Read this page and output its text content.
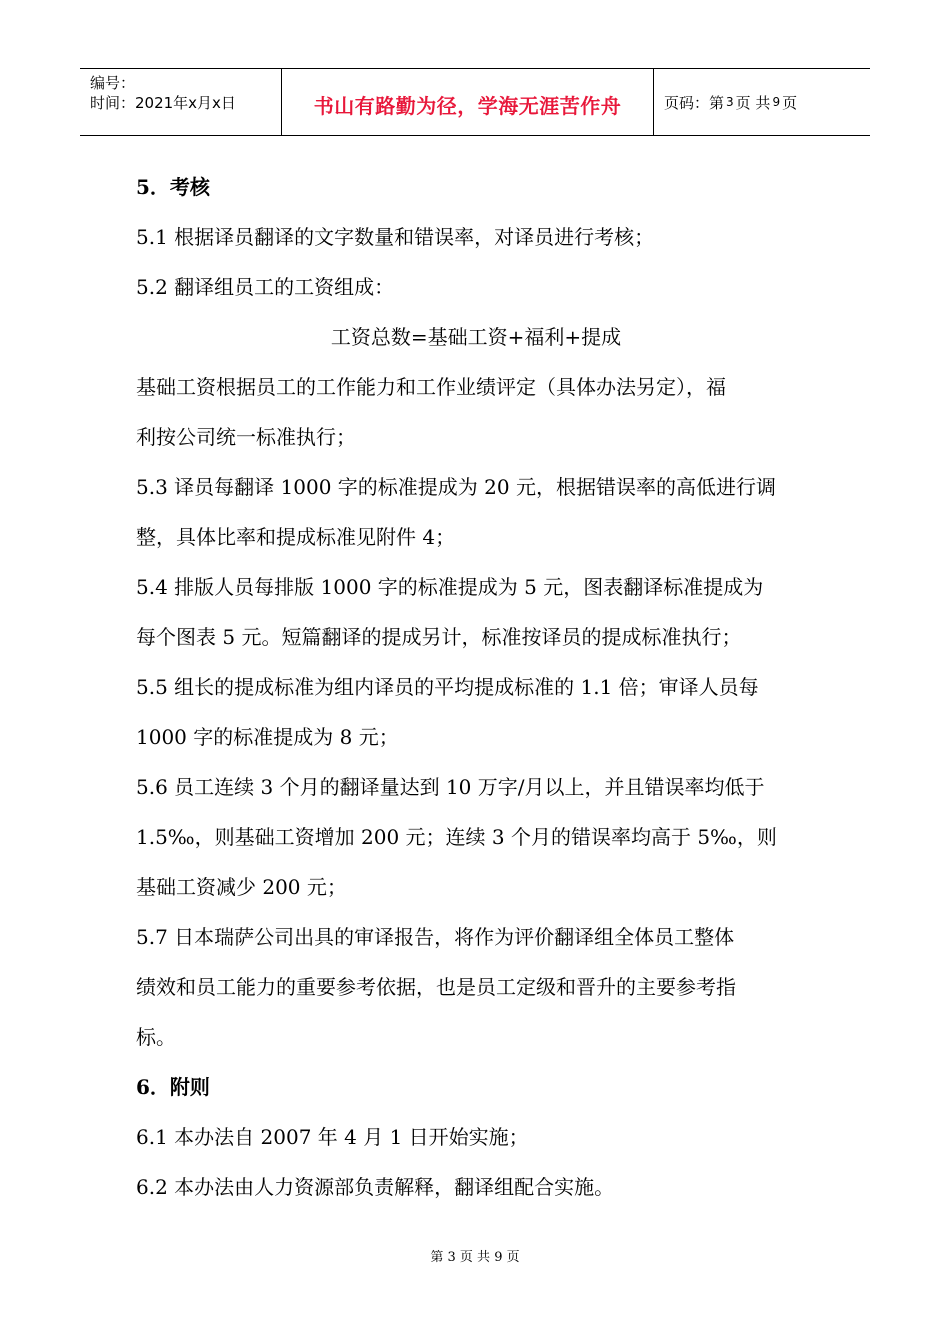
编号：
时间：2021年x月x日	书山有路勤为径，学海无涯苦作舟	页码：第 3 页 共 9 页
5．考核
5.1 根据译员翻译的文字数量和错误率，对译员进行考核；
5.2 翻译组员工的工资组成：
工资总数=基础工资+福利+提成
基础工资根据员工的工作能力和工作业绩评定（具体办法另定），福
利按公司统一标准执行；
5.3 译员每翻译 1000 字的标准提成为 20 元，根据错误率的高低进行调
整，具体比率和提成标准见附件 4；
5.4 排版人员每排版 1000 字的标准提成为 5 元，图表翻译标准提成为
每个图表 5 元。短篇翻译的提成另计，标准按译员的提成标准执行；
5.5 组长的提成标准为组内译员的平均提成标准的 1.1 倍；审译人员每
1000 字的标准提成为 8 元；
5.6 员工连续 3 个月的翻译量达到 10 万字/月以上，并且错误率均低于
1.5‰，则基础工资增加 200 元；连续 3 个月的错误率均高于 5‰，则
基础工资减少 200 元；
5.7 日本瑞萨公司出具的审译报告，将作为评价翻译组全体员工整体
绩效和员工能力的重要参考依据，也是员工定级和晋升的主要参考指
标。
6．附则
6.1 本办法自 2007 年 4 月 1 日开始实施；
6.2 本办法由人力资源部负责解释，翻译组配合实施。
第 3 页 共 9 页
